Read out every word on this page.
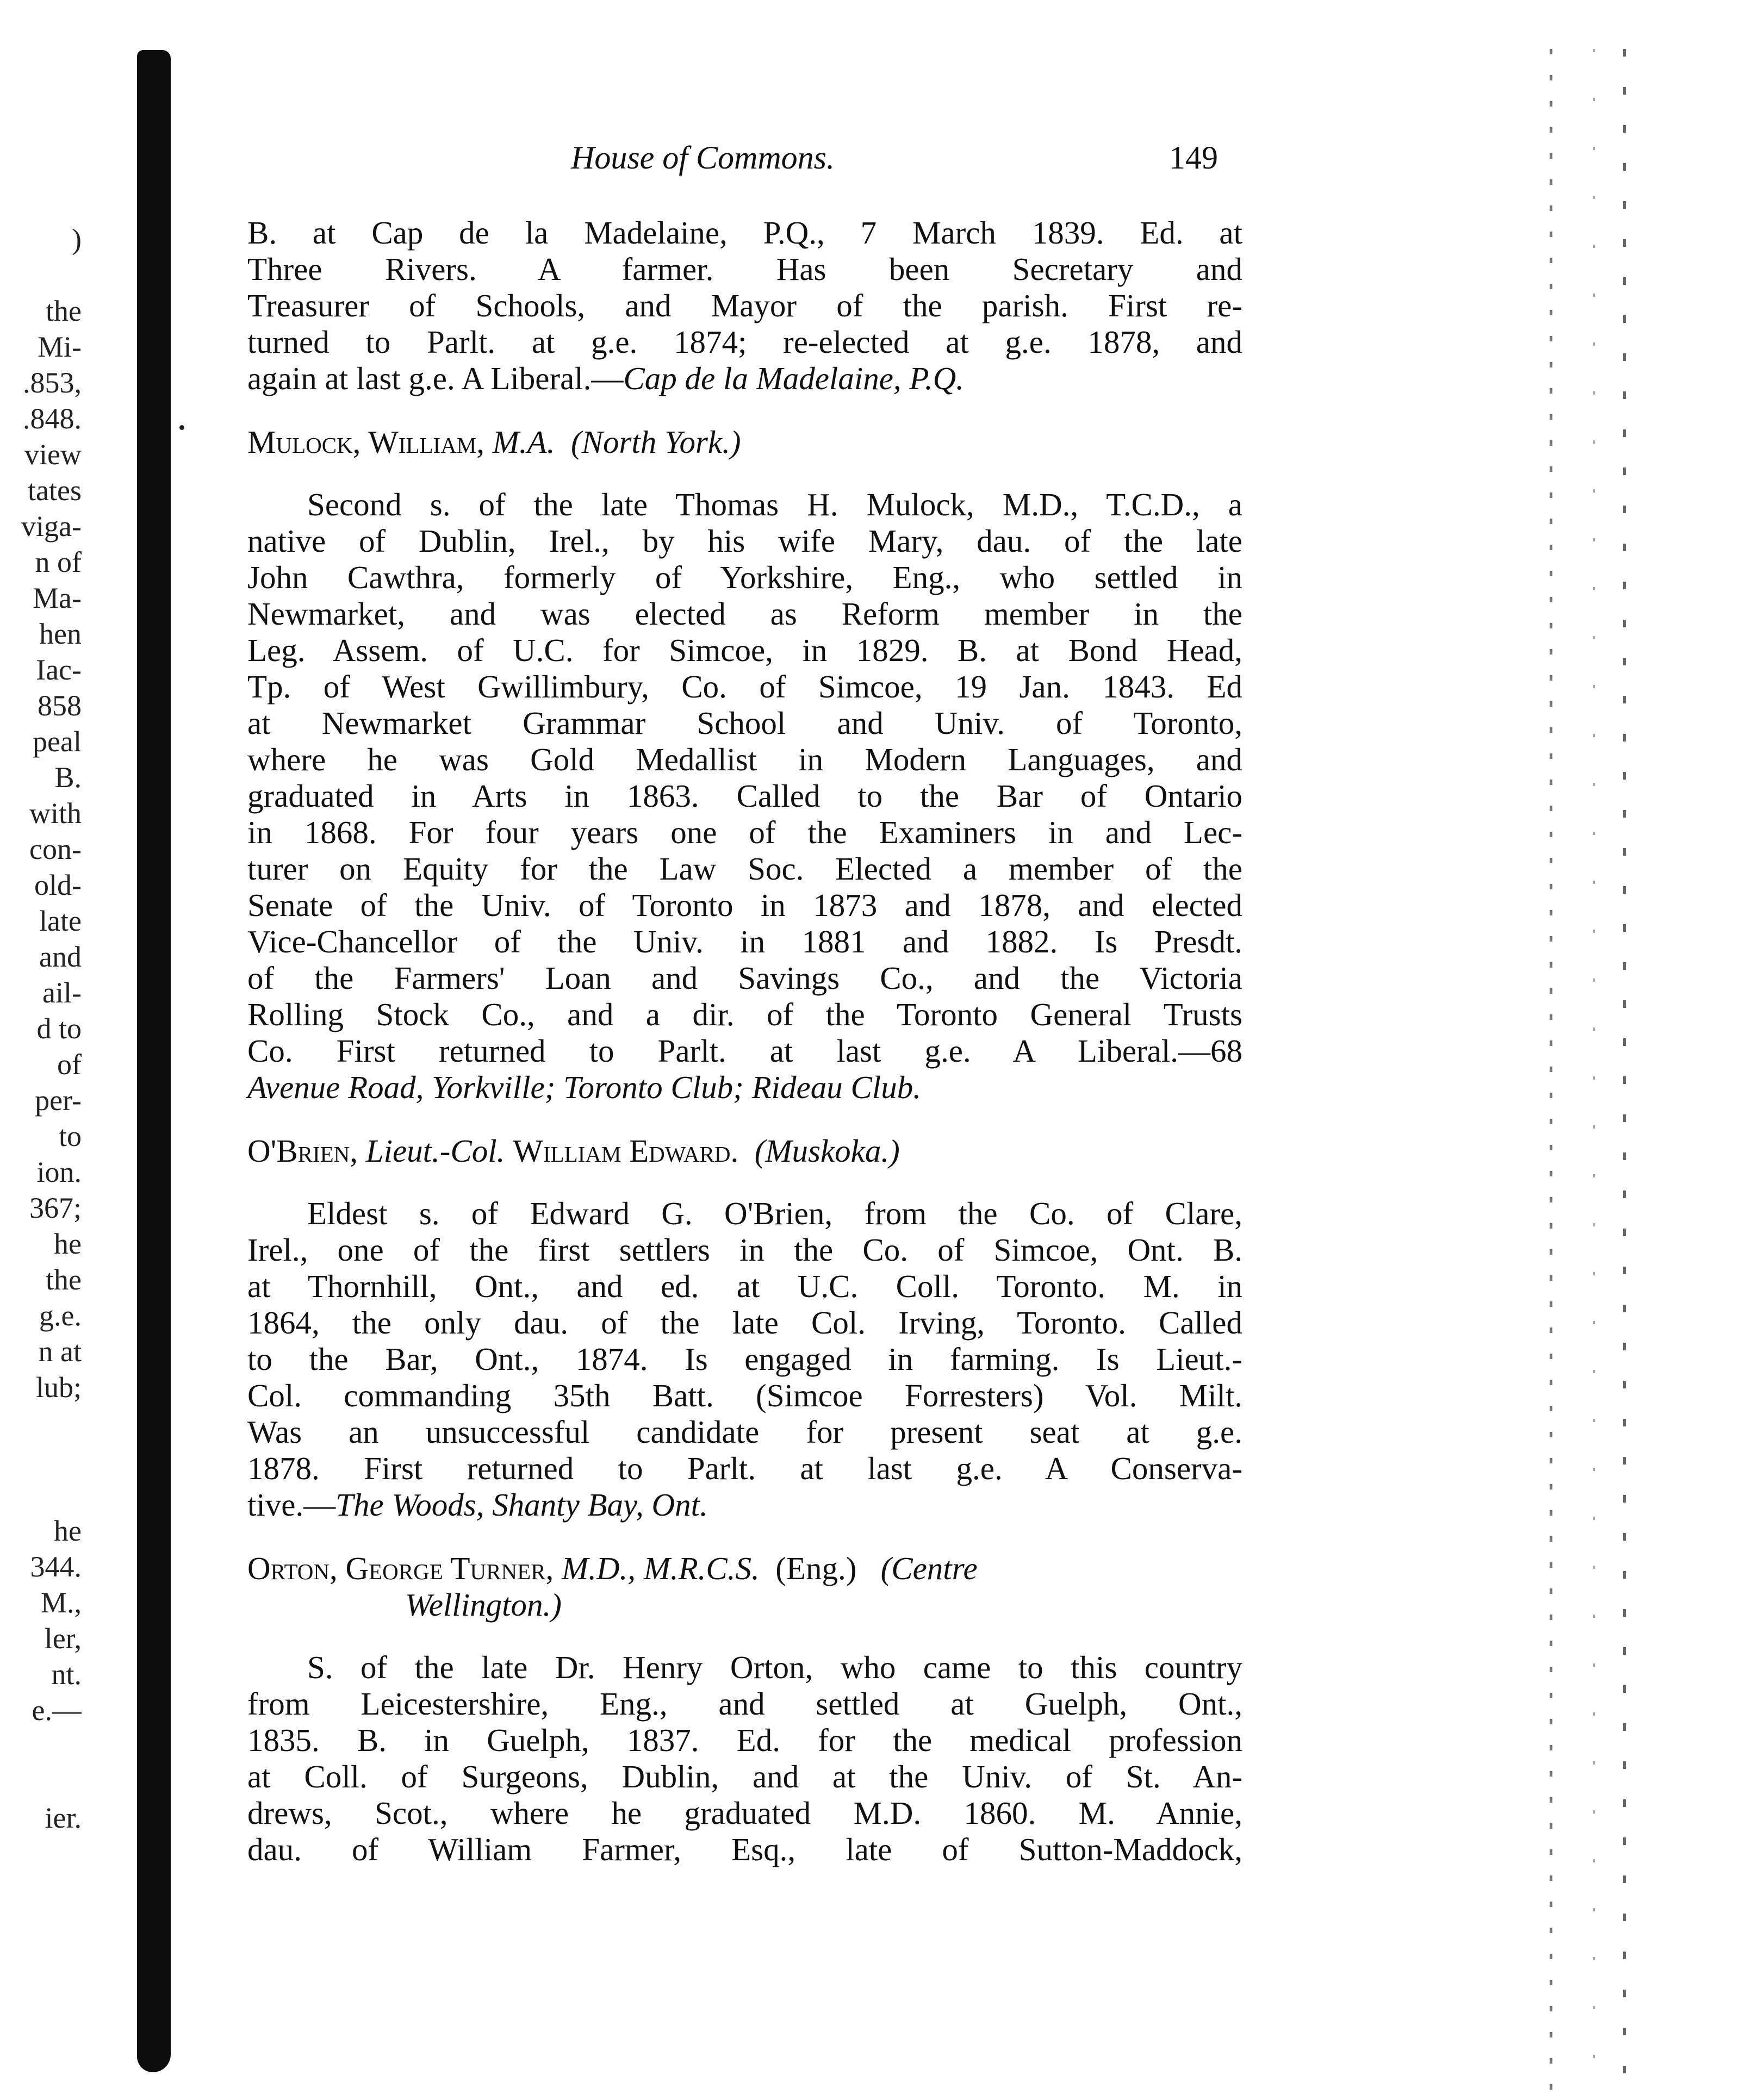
)
the
Mi-
.853,
.848.
view
tates
viga-
n of
Ma-
hen
Iac-
858
peal
B.
with
con-
old-
late
and
ail-
d to
of
per-
to
ion.
367;
he
the
g.e.
n at
lub;
he
344.
M.,
ler,
nt.
e.—
ier.
House of Commons.	149
B. at Cap de la Madelaine, P.Q., 7 March 1839. Ed. at
Three Rivers. A farmer. Has been Secretary and
Treasurer of Schools, and Mayor of the parish. First re-
turned to Parlt. at g.e. 1874; re-elected at g.e. 1878, and
again at last g.e. A Liberal.—Cap de la Madelaine, P.Q.
Mulock, William, M.A. (North York.)
Second s. of the late Thomas H. Mulock, M.D., T.C.D., a
native of Dublin, Irel., by his wife Mary, dau. of the late
John Cawthra, formerly of Yorkshire, Eng., who settled in
Newmarket, and was elected as Reform member in the
Leg. Assem. of U.C. for Simcoe, in 1829. B. at Bond Head,
Tp. of West Gwillimbury, Co. of Simcoe, 19 Jan. 1843. Ed
at Newmarket Grammar School and Univ. of Toronto,
where he was Gold Medallist in Modern Languages, and
graduated in Arts in 1863. Called to the Bar of Ontario
in 1868. For four years one of the Examiners in and Lec-
turer on Equity for the Law Soc. Elected a member of the
Senate of the Univ. of Toronto in 1873 and 1878, and elected
Vice-Chancellor of the Univ. in 1881 and 1882. Is Presdt.
of the Farmers' Loan and Savings Co., and the Victoria
Rolling Stock Co., and a dir. of the Toronto General Trusts
Co. First returned to Parlt. at last g.e. A Liberal.—68
Avenue Road, Yorkville; Toronto Club; Rideau Club.
O'Brien, Lieut.-Col. William Edward. (Muskoka.)
Eldest s. of Edward G. O'Brien, from the Co. of Clare,
Irel., one of the first settlers in the Co. of Simcoe, Ont. B.
at Thornhill, Ont., and ed. at U.C. Coll. Toronto. M. in
1864, the only dau. of the late Col. Irving, Toronto. Called
to the Bar, Ont., 1874. Is engaged in farming. Is Lieut.-
Col. commanding 35th Batt. (Simcoe Forresters) Vol. Milt.
Was an unsuccessful candidate for present seat at g.e.
1878. First returned to Parlt. at last g.e. A Conserva-
tive.—The Woods, Shanty Bay, Ont.
Orton, George Turner, M.D., M.R.C.S. (Eng.) (Centre
Wellington.)
S. of the late Dr. Henry Orton, who came to this country
from Leicestershire, Eng., and settled at Guelph, Ont.,
1835. B. in Guelph, 1837. Ed. for the medical profession
at Coll. of Surgeons, Dublin, and at the Univ. of St. An-
drews, Scot., where he graduated M.D. 1860. M. Annie,
dau. of William Farmer, Esq., late of Sutton-Maddock,
